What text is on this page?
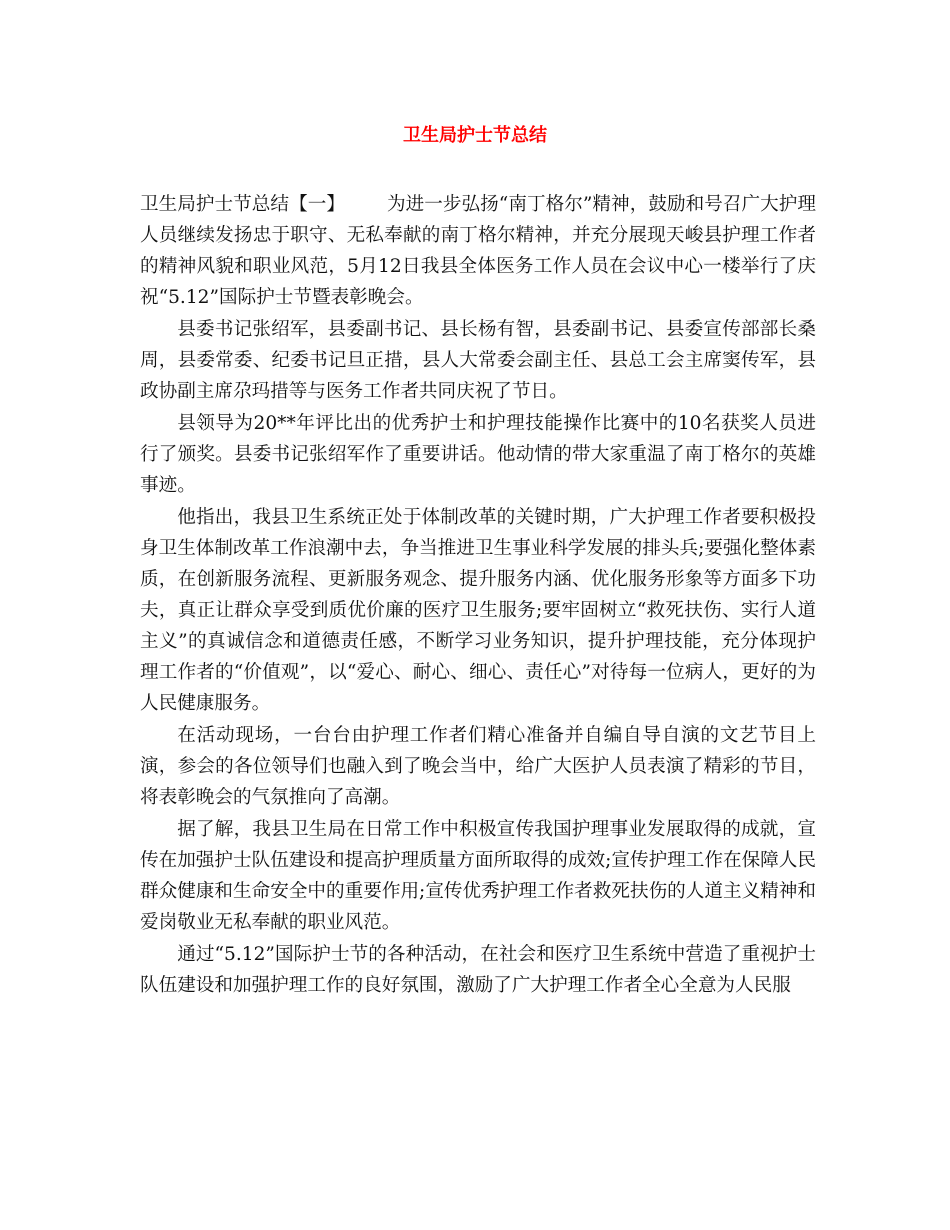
卫生局护士节总结

卫生局护士节总结【一】 为进一步弘扬“南丁格尔”精神，鼓励和号召广大护理人员继续发扬忠于职守、无私奉献的南丁格尔精神，并充分展现天峻县护理工作者的精神风貌和职业风范，5月12日我县全体医务工作人员在会议中心一楼举行了庆祝“5.12”国际护士节暨表彰晚会。

县委书记张绍军，县委副书记、县长杨有智，县委副书记、县委宣传部部长桑周，县委常委、纪委书记旦正措，县人大常委会副主任、县总工会主席窦传军，县政协副主席尕玛措等与医务工作者共同庆祝了节日。

县领导为20**年评比出的优秀护士和护理技能操作比赛中的10名获奖人员进行了颁奖。县委书记张绍军作了重要讲话。他动情的带大家重温了南丁格尔的英雄事迹。

他指出，我县卫生系统正处于体制改革的关键时期，广大护理工作者要积极投身卫生体制改革工作浪潮中去，争当推进卫生事业科学发展的排头兵;要强化整体素质，在创新服务流程、更新服务观念、提升服务内涵、优化服务形象等方面多下功夫，真正让群众享受到质优价廉的医疗卫生服务;要牢固树立“救死扶伤、实行人道主义”的真诚信念和道德责任感，不断学习业务知识，提升护理技能，充分体现护理工作者的“价值观”，以“爱心、耐心、细心、责任心”对待每一位病人，更好的为人民健康服务。

在活动现场，一台台由护理工作者们精心准备并自编自导自演的文艺节目上演，参会的各位领导们也融入到了晚会当中，给广大医护人员表演了精彩的节目，将表彰晚会的气氛推向了高潮。

据了解，我县卫生局在日常工作中积极宣传我国护理事业发展取得的成就，宣传在加强护士队伍建设和提高护理质量方面所取得的成效;宣传护理工作在保障人民群众健康和生命安全中的重要作用;宣传优秀护理工作者救死扶伤的人道主义精神和爱岗敬业无私奉献的职业风范。

通过“5.12”国际护士节的各种活动，在社会和医疗卫生系统中营造了重视护士队伍建设和加强护理工作的良好氛围，激励了广大护理工作者全心全意为人民服
